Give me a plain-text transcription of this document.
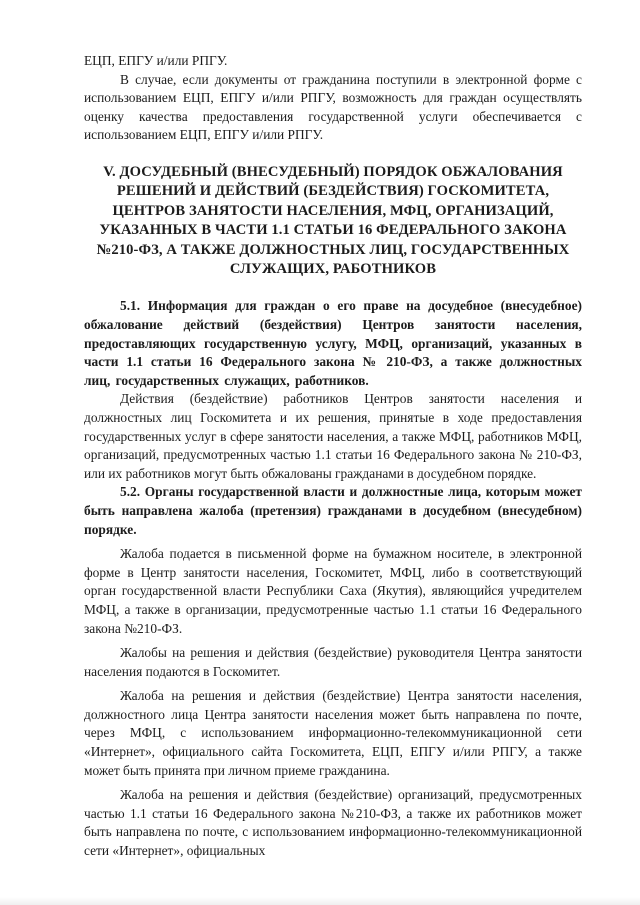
ЕЦП, ЕПГУ и/или РПГУ.

В случае, если документы от гражданина поступили в электронной форме с использованием ЕЦП, ЕПГУ и/или РПГУ, возможность для граждан осуществлять оценку качества предоставления государственной услуги обеспечивается с использованием ЕЦП, ЕПГУ и/или РПГУ.

V. ДОСУДЕБНЫЙ (ВНЕСУДЕБНЫЙ) ПОРЯДОК ОБЖАЛОВАНИЯ РЕШЕНИЙ И ДЕЙСТВИЙ (БЕЗДЕЙСТВИЯ) ГОСКОМИТЕТА, ЦЕНТРОВ ЗАНЯТОСТИ НАСЕЛЕНИЯ, МФЦ, ОРГАНИЗАЦИЙ, УКАЗАННЫХ В ЧАСТИ 1.1 СТАТЬИ 16 ФЕДЕРАЛЬНОГО ЗАКОНА №210-ФЗ, А ТАКЖЕ ДОЛЖНОСТНЫХ ЛИЦ, ГОСУДАРСТВЕННЫХ СЛУЖАЩИХ, РАБОТНИКОВ

5.1. Информация для граждан о его праве на досудебное (внесудебное) обжалование действий (бездействия) Центров занятости населения, предоставляющих государственную услугу, МФЦ, организаций, указанных в части 1.1 статьи 16 Федерального закона № 210-ФЗ, а также должностных лиц, государственных служащих, работников.

Действия (бездействие) работников Центров занятости населения и должностных лиц Госкомитета и их решения, принятые в ходе предоставления государственных услуг в сфере занятости населения, а также МФЦ, работников МФЦ, организаций, предусмотренных частью 1.1 статьи 16 Федерального закона № 210-ФЗ, или их работников могут быть обжалованы гражданами в досудебном порядке.

5.2. Органы государственной власти и должностные лица, которым может быть направлена жалоба (претензия) гражданами в досудебном (внесудебном) порядке.

Жалоба подается в письменной форме на бумажном носителе, в электронной форме в Центр занятости населения, Госкомитет, МФЦ, либо в соответствующий орган государственной власти Республики Саха (Якутия), являющийся учредителем МФЦ, а также в организации, предусмотренные частью 1.1 статьи 16 Федерального закона №210-ФЗ.

Жалобы на решения и действия (бездействие) руководителя Центра занятости населения подаются в Госкомитет.

Жалоба на решения и действия (бездействие) Центра занятости населения, должностного лица Центра занятости населения может быть направлена по почте, через МФЦ, с использованием информационно-телекоммуникационной сети «Интернет», официального сайта Госкомитета, ЕЦП, ЕПГУ и/или РПГУ, а также может быть принята при личном приеме гражданина.

Жалоба на решения и действия (бездействие) организаций, предусмотренных частью 1.1 статьи 16 Федерального закона №210-ФЗ, а также их работников может быть направлена по почте, с использованием информационно-телекоммуникационной сети «Интернет», официальных
